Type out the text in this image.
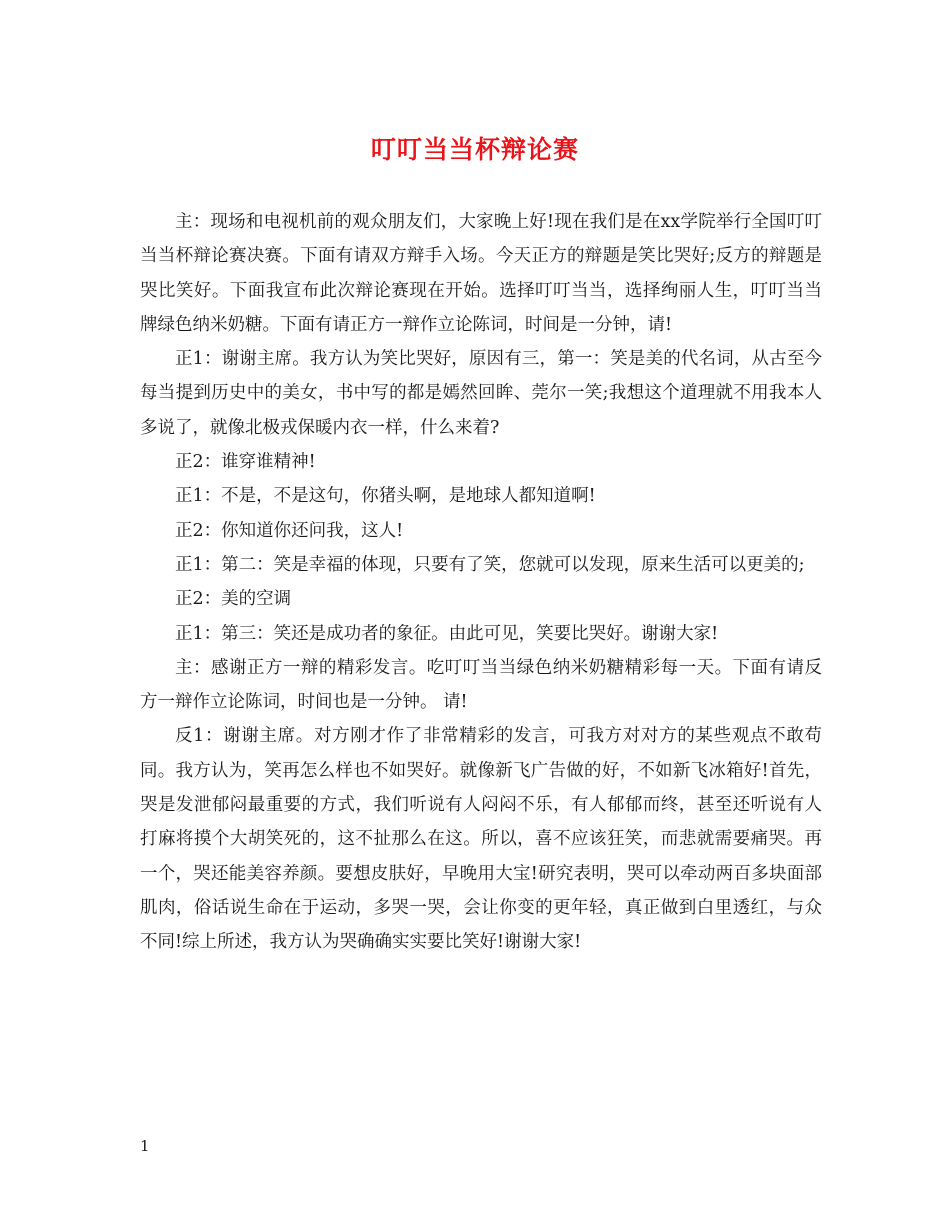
叮叮当当杯辩论赛

主：现场和电视机前的观众朋友们，大家晚上好!现在我们是在xx学院举行全国叮叮当当杯辩论赛决赛。下面有请双方辩手入场。今天正方的辩题是笑比哭好;反方的辩题是哭比笑好。下面我宣布此次辩论赛现在开始。选择叮叮当当，选择绚丽人生，叮叮当当牌绿色纳米奶糖。下面有请正方一辩作立论陈词，时间是一分钟，请!

正1：谢谢主席。我方认为笑比哭好，原因有三，第一：笑是美的代名词，从古至今每当提到历史中的美女，书中写的都是嫣然回眸、莞尔一笑;我想这个道理就不用我本人多说了，就像北极戎保暖内衣一样，什么来着?

正2：谁穿谁精神!

正1：不是，不是这句，你猪头啊，是地球人都知道啊!

正2：你知道你还问我，这人!

正1：第二：笑是幸福的体现，只要有了笑，您就可以发现，原来生活可以更美的;

正2：美的空调

正1：第三：笑还是成功者的象征。由此可见，笑要比哭好。谢谢大家!

主：感谢正方一辩的精彩发言。吃叮叮当当绿色纳米奶糖精彩每一天。下面有请反方一辩作立论陈词，时间也是一分钟。 请!

反1：谢谢主席。对方刚才作了非常精彩的发言，可我方对对方的某些观点不敢苟同。我方认为，笑再怎么样也不如哭好。就像新飞广告做的好，不如新飞冰箱好!首先，哭是发泄郁闷最重要的方式，我们听说有人闷闷不乐，有人郁郁而终，甚至还听说有人打麻将摸个大胡笑死的，这不扯那么在这。所以，喜不应该狂笑，而悲就需要痛哭。再一个，哭还能美容养颜。要想皮肤好，早晚用大宝!研究表明，哭可以牵动两百多块面部肌肉，俗话说生命在于运动，多哭一哭，会让你变的更年轻，真正做到白里透红，与众不同!综上所述，我方认为哭确确实实要比笑好!谢谢大家!

1
